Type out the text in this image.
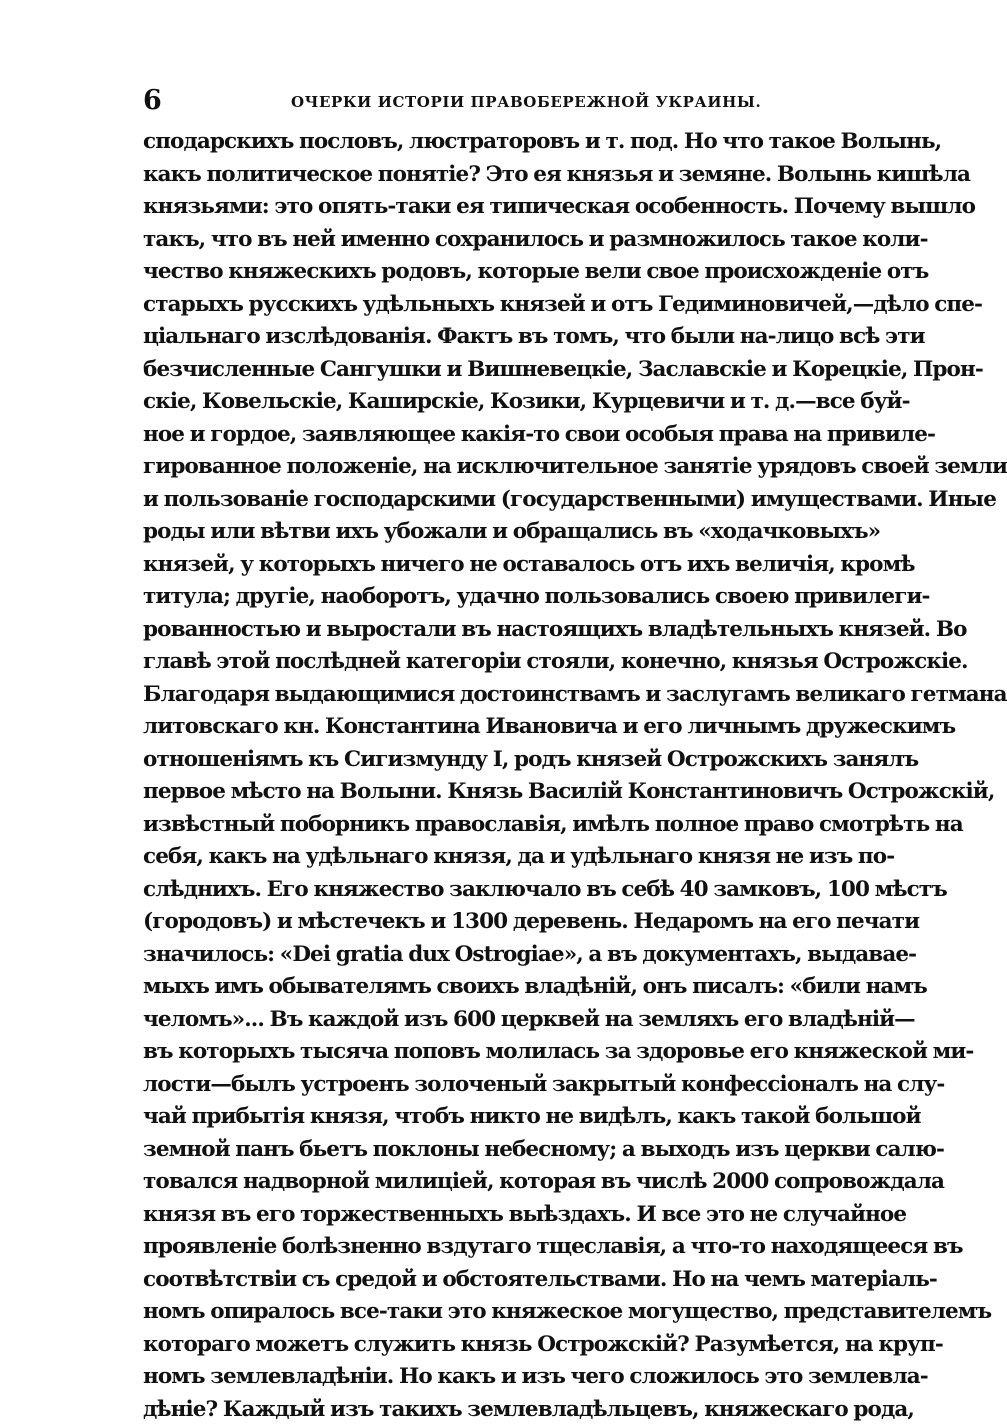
6	ОЧЕРКИ ИСТОРІИ ПРАВОБЕРЕЖНОЙ УКРАИНЫ.
сподарскихъ пословъ, люстраторовъ и т. под. Но что такое Волынь,
какъ политическое понятіе? Это ея князья и земяне. Волынь кишѣла
князьями: это опять-таки ея типическая особенность. Почему вышло
такъ, что въ ней именно сохранилось и размножилось такое коли-
чество княжескихъ родовъ, которые вели свое происхожденіе отъ
старыхъ русскихъ удѣльныхъ князей и отъ Гедиминовичей,—дѣло спе-
ціальнаго изслѣдованія. Фактъ въ томъ, что были на-лицо всѣ эти
безчисленные Сангушки и Вишневецкіе, Заславскіе и Корецкіе, Прон-
скіе, Ковельскіе, Каширскіе, Козики, Курцевичи и т. д.—все буй-
ное и гордое, заявляющее какія-то свои особыя права на привиле-
гированное положеніе, на исключительное занятіе урядовъ своей земли
и пользованіе господарскими (государственными) имуществами. Иные
роды или вѣтви ихъ убожали и обращались въ «ходачковыхъ»
князей, у которыхъ ничего не оставалось отъ ихъ величія, кромѣ
титула; другіе, наоборотъ, удачно пользовались своею привилеги-
рованностью и выростали въ настоящихъ владѣтельныхъ князей. Во
главѣ этой послѣдней категоріи стояли, конечно, князья Острожскіе.
Благодаря выдающимися достоинствамъ и заслугамъ великаго гетмана
литовскаго кн. Константина Ивановича и его личнымъ дружескимъ
отношеніямъ къ Сигизмунду I, родъ князей Острожскихъ занялъ
первое мѣсто на Волыни. Князь Василій Константиновичъ Острожскій,
извѣстный поборникъ православія, имѣлъ полное право смотрѣть на
себя, какъ на удѣльнаго князя, да и удѣльнаго князя не изъ по-
слѣднихъ. Его княжество заключало въ себѣ 40 замковъ, 100 мѣстъ
(городовъ) и мѣстечекъ и 1300 деревень. Недаромъ на его печати
значилось: «Dei gratia dux Ostrogiae», а въ документахъ, выдавае-
мыхъ имъ обывателямъ своихъ владѣній, онъ писалъ: «били намъ
челомъ»... Въ каждой изъ 600 церквей на земляхъ его владѣній—
въ которыхъ тысяча поповъ молилась за здоровье его княжеской ми-
лости—былъ устроенъ золоченый закрытый конфессіоналъ на слу-
чай прибытія князя, чтобъ никто не видѣлъ, какъ такой большой
земной панъ бьетъ поклоны небесному; а выходъ изъ церкви салю-
товался надворной милиціей, которая въ числѣ 2000 сопровождала
князя въ его торжественныхъ выѣздахъ. И все это не случайное
проявленіе болѣзненно вздутаго тщеславія, а что-то находящееся въ
соотвѣтствіи съ средой и обстоятельствами. Но на чемъ матеріаль-
номъ опиралось все-таки это княжеское могущество, представителемъ
котораго можетъ служить князь Острожскій? Разумѣется, на круп-
номъ землевладѣніи. Но какъ и изъ чего сложилось это землевла-
дѣніе? Каждый изъ такихъ землевладѣльцевъ, княжескаго рода,
